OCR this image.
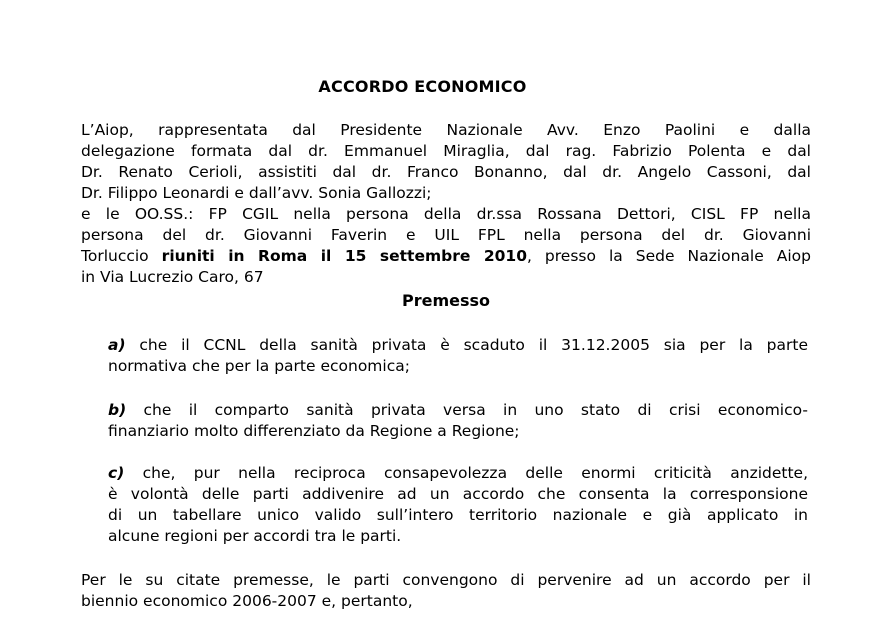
ACCORDO ECONOMICO
L’Aiop, rappresentata dal Presidente Nazionale Avv. Enzo Paolini e dalla
delegazione formata dal dr. Emmanuel Miraglia, dal rag. Fabrizio Polenta e dal
Dr. Renato Cerioli, assistiti dal dr. Franco Bonanno, dal dr. Angelo Cassoni, dal
Dr. Filippo Leonardi e dall’avv. Sonia Gallozzi;
e le OO.SS.: FP CGIL nella persona della dr.ssa Rossana Dettori, CISL FP nella
persona del dr. Giovanni Faverin e UIL FPL nella persona del dr. Giovanni
Torluccio riuniti in Roma il 15 settembre 2010, presso la Sede Nazionale Aiop
in Via Lucrezio Caro, 67
Premesso
a) che il CCNL della sanità privata è scaduto il 31.12.2005 sia per la parte
normativa che per la parte economica;
b) che il comparto sanità privata versa in uno stato di crisi economico-
finanziario molto differenziato da Regione a Regione;
c) che, pur nella reciproca consapevolezza delle enormi criticità anzidette,
è volontà delle parti addivenire ad un accordo che consenta la corresponsione
di un tabellare unico valido sull’intero territorio nazionale e già applicato in
alcune regioni per accordi tra le parti.
Per le su citate premesse, le parti convengono di pervenire ad un accordo per il
biennio economico 2006-2007 e, pertanto,
